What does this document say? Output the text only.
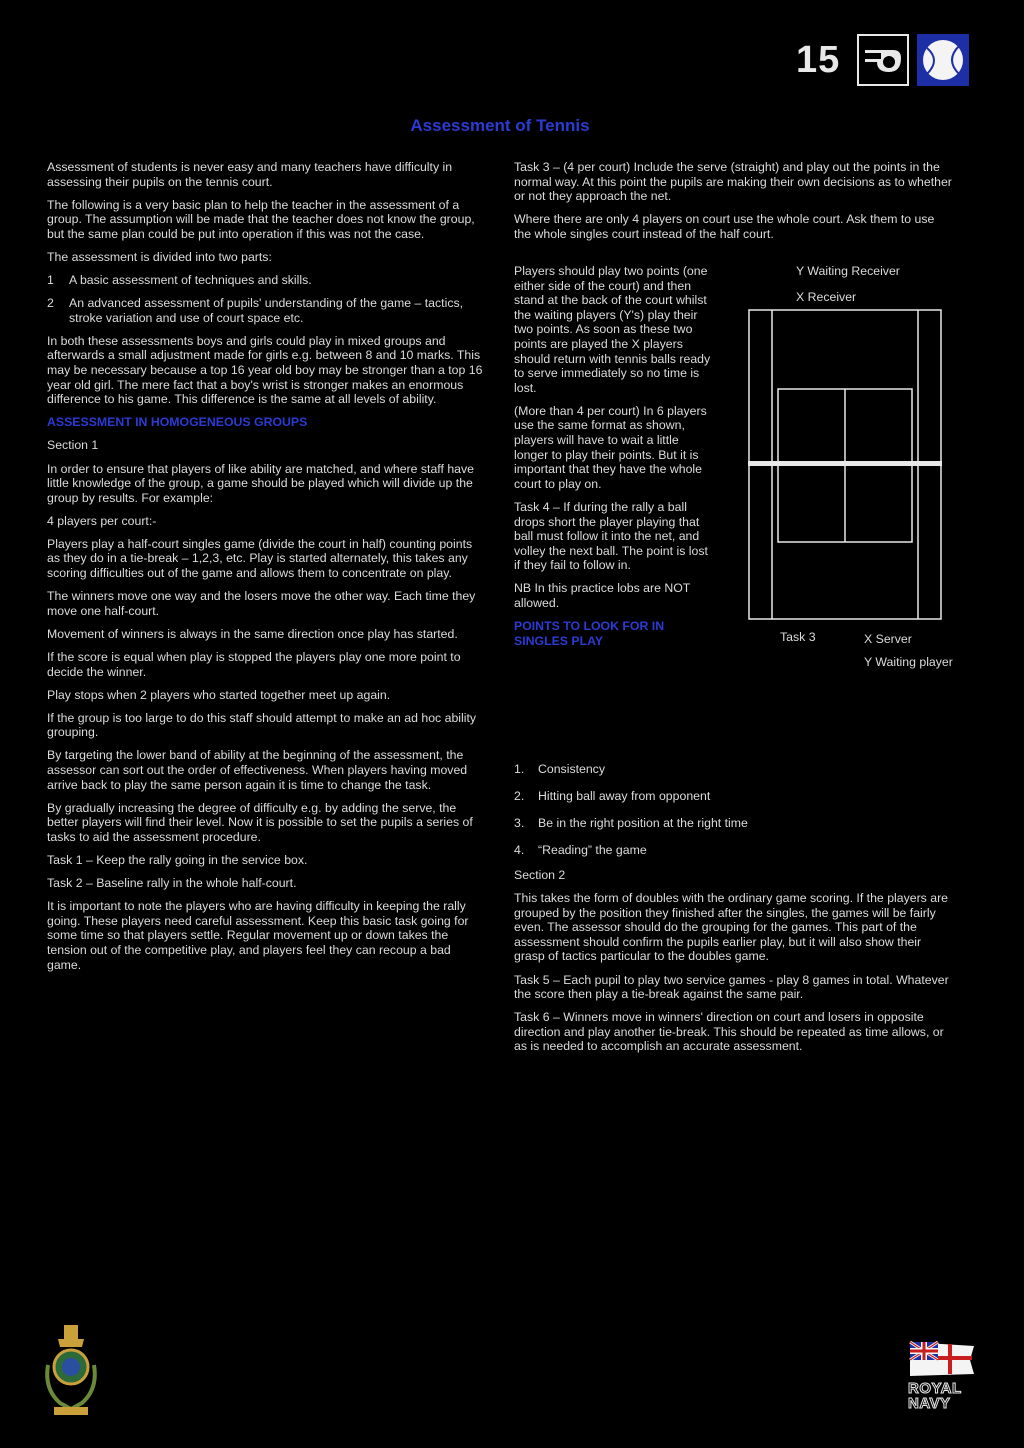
15
Assessment of Tennis

Assessment of students is never easy and many teachers have difficulty in assessing their pupils on the tennis court.

The following is a very basic plan to help the teacher in the assessment of a group. The assumption will be made that the teacher does not know the group, but the same plan could be put into operation if this was not the case.

The assessment is divided into two parts:

1	A basic assessment of techniques and skills.
2	An advanced assessment of pupils' understanding of the game – tactics, stroke variation and use of court space etc.

In both these assessments boys and girls could play in mixed groups and afterwards a small adjustment made for girls e.g. between 8 and 10 marks. This may be necessary because a top 16 year old boy may be stronger than a top 16 year old girl. The mere fact that a boy's wrist is stronger makes an enormous difference to his game. This difference is the same at all levels of ability.

ASSESSMENT IN HOMOGENEOUS GROUPS

Section 1

In order to ensure that players of like ability are matched, and where staff have little knowledge of the group, a game should be played which will divide up the group by results. For example:

4 players per court:-

Players play a half-court singles game (divide the court in half) counting points as they do in a tie-break – 1,2,3, etc. Play is started alternately, this takes any scoring difficulties out of the game and allows them to concentrate on play.

The winners move one way and the losers move the other way. Each time they move one half-court.

Movement of winners is always in the same direction once play has started.

If the score is equal when play is stopped the players play one more point to decide the winner.

Play stops when 2 players who started together meet up again.

If the group is too large to do this staff should attempt to make an ad hoc ability grouping.

By targeting the lower band of ability at the beginning of the assessment, the assessor can sort out the order of effectiveness. When players having moved arrive back to play the same person again it is time to change the task.

By gradually increasing the degree of difficulty e.g. by adding the serve, the better players will find their level. Now it is possible to set the pupils a series of tasks to aid the assessment procedure.

Task 1 – Keep the rally going in the service box.

Task 2 – Baseline rally in the whole half-court.

It is important to note the players who are having difficulty in keeping the rally going. These players need careful assessment. Keep this basic task going for some time so that players settle. Regular movement up or down takes the tension out of the competitive play, and players feel they can recoup a bad game.

Task 3 – (4 per court) Include the serve (straight) and play out the points in the normal way. At this point the pupils are making their own decisions as to whether or not they approach the net.

Where there are only 4 players on court use the whole court. Ask them to use the whole singles court instead of the half court.

Players should play two points (one either side of the court) and then stand at the back of the court whilst the waiting players (Y's) play their two points. As soon as these two points are played the X players should return with tennis balls ready to serve immediately so no time is lost.

(More than 4 per court) In 6 players use the same format as shown, players will have to wait a little longer to play their points. But it is important that they have the whole court to play on.

Task 4 – If during the rally a ball drops short the player playing that ball must follow it into the net, and volley the next ball. The point is lost if they fail to follow in.

NB In this practice lobs are NOT allowed.

POINTS TO LOOK FOR IN SINGLES PLAY

1.	Consistency
2.	Hitting ball away from opponent
3.	Be in the right position at the right time
4.	“Reading” the game

Section 2

This takes the form of doubles with the ordinary game scoring. If the players are grouped by the position they finished after the singles, the games will be fairly even. The assessor should do the grouping for the games. This part of the assessment should confirm the pupils earlier play, but it will also show their grasp of tactics particular to the doubles game.

Task 5 – Each pupil to play two service games - play 8 games in total. Whatever the score then play a tie-break against the same pair.

Task 6 – Winners move in winners' direction on court and losers in opposite direction and play another tie-break. This should be repeated as time allows, or as is needed to accomplish an accurate assessment.

Y Waiting Receiver
X Receiver
Task 3	X Server
Y Waiting player
ROYAL
NAVY
